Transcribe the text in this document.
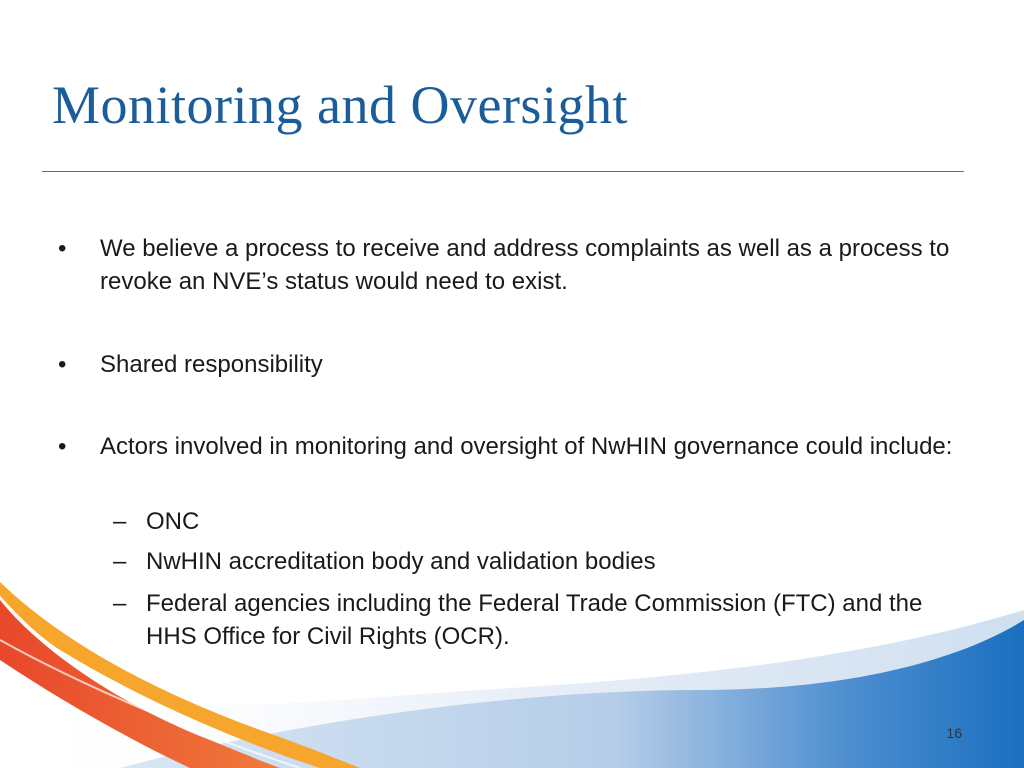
Monitoring and Oversight
• We believe a process to receive and address complaints as well as a process to revoke an NVE’s status would need to exist.
• Shared responsibility
• Actors involved in monitoring and oversight of NwHIN governance could include:
– ONC
– NwHIN accreditation body and validation bodies
– Federal agencies including the Federal Trade Commission (FTC) and the HHS Office for Civil Rights (OCR).
16
